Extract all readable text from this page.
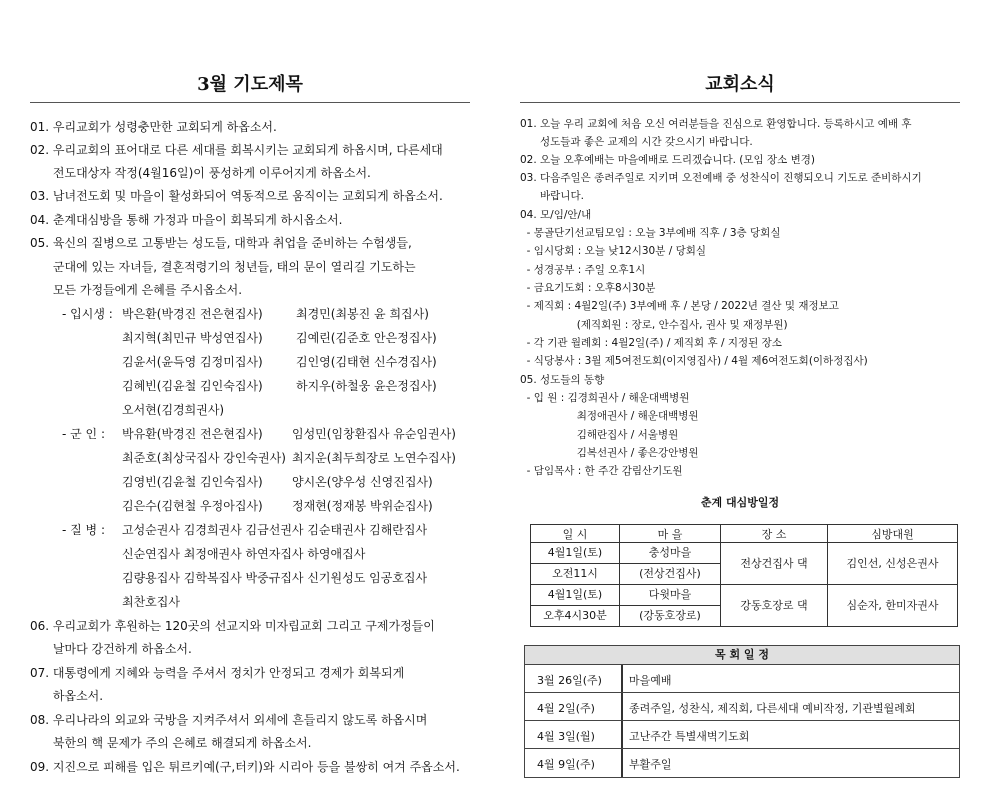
3월 기도제목
01. 우리교회가 성령충만한 교회되게 하옵소서.
02. 우리교회의 표어대로 다른 세대를 회복시키는 교회되게 하옵시며, 다른세대
전도대상자 작정(4월16일)이 풍성하게 이루어지게 하옵소서.
03. 남녀전도회 및 마을이 활성화되어 역동적으로 움직이는 교회되게 하옵소서.
04. 춘계대심방을 통해 가정과 마을이 회복되게 하시옵소서.
05. 육신의 질병으로 고통받는 성도들, 대학과 취업을 준비하는 수험생들,
군대에 있는 자녀들, 결혼적령기의 청년들, 태의 문이 열리길 기도하는
모든 가정들에게 은혜를 주시옵소서.
- 입시생 : 박은환(박경진 전은현집사)	최경민(최봉진 윤 희집사)
최지혁(최민규 박성연집사)	김예린(김준호 안은정집사)
김윤서(윤득영 김정미집사)	김인영(김태현 신수경집사)
김혜빈(김윤철 김인숙집사)	하지우(하철웅 윤은정집사)
오서현(김경희권사)
- 군 인 : 박유환(박경진 전은현집사) 임성민(임창환집사 유순임권사)
최준호(최상국집사 강인숙권사) 최지운(최두희장로 노연수집사)
김영빈(김윤철 김인숙집사) 양시온(양우성 신영진집사)
김은수(김현철 우정아집사) 정재현(정재봉 박위순집사)
- 질 병 : 고성순권사 김경희권사 김금선권사 김순태권사 김해란집사
신순연집사 최정애권사 하연자집사 하영애집사
김량용집사 김학복집사 박중규집사 신기원성도 임공호집사
최찬호집사
06. 우리교회가 후원하는 120곳의 선교지와 미자립교회 그리고 구제가정들이
날마다 강건하게 하옵소서.
07. 대통령에게 지혜와 능력을 주셔서 정치가 안정되고 경제가 회복되게
하옵소서.
08. 우리나라의 외교와 국방을 지켜주셔서 외세에 흔들리지 않도록 하옵시며
북한의 핵 문제가 주의 은혜로 해결되게 하옵소서.
09. 지진으로 피해를 입은 튀르키예(구,터키)와 시리아 등을 불쌍히 여겨 주옵소서.
교회소식
01. 오늘 우리 교회에 처음 오신 여러분들을 진심으로 환영합니다. 등록하시고 예배 후
성도들과 좋은 교제의 시간 갖으시기 바랍니다.
02. 오늘 오후예배는 마을예배로 드리겠습니다. (모임 장소 변경)
03. 다음주일은 종려주일로 지키며 오전예배 중 성찬식이 진행되오니 기도로 준비하시기
바랍니다.
04. 모/임/안/내
- 몽골단기선교팀모임 : 오늘 3부예배 직후 / 3층 당회실
- 임시당회 : 오늘 낮12시30분 / 당회실
- 성경공부 : 주일 오후1시
- 금요기도회 : 오후8시30분
- 제직회 : 4월2일(주) 3부예배 후 / 본당 / 2022년 결산 및 재정보고
(제직회원 : 장로, 안수집사, 권사 및 재정부원)
- 각 기관 월례회 : 4월2일(주) / 제직회 후 / 지정된 장소
- 식당봉사 : 3월 제5여전도회(이지영집사) / 4월 제6여전도회(이하정집사)
05. 성도들의 동향
- 입 원 : 김경희권사 / 해운대백병원
최정애권사 / 해운대백병원
김해란집사 / 서울병원
김복선권사 / 좋은강안병원
- 담임목사 : 한 주간 감림산기도원
춘계 대심방일정
일 시	마 을	장 소	심방대원
4월1일(토)	충성마을	전상건집사 댁	김인선, 신성은권사
오전11시	(전상건집사)		
4월1일(토)	다윗마을	강동호장로 댁	심순자, 한미자권사
오후4시30분	(강동호장로)		
목 회 일 정
3월 26일(주) 마을예배
4월 2일(주)	종려주일, 성찬식, 제직회, 다른세대 예비작정, 기관별월례회
4월 3일(월)	고난주간 특별새벽기도회
4월 9일(주)	부활주일
